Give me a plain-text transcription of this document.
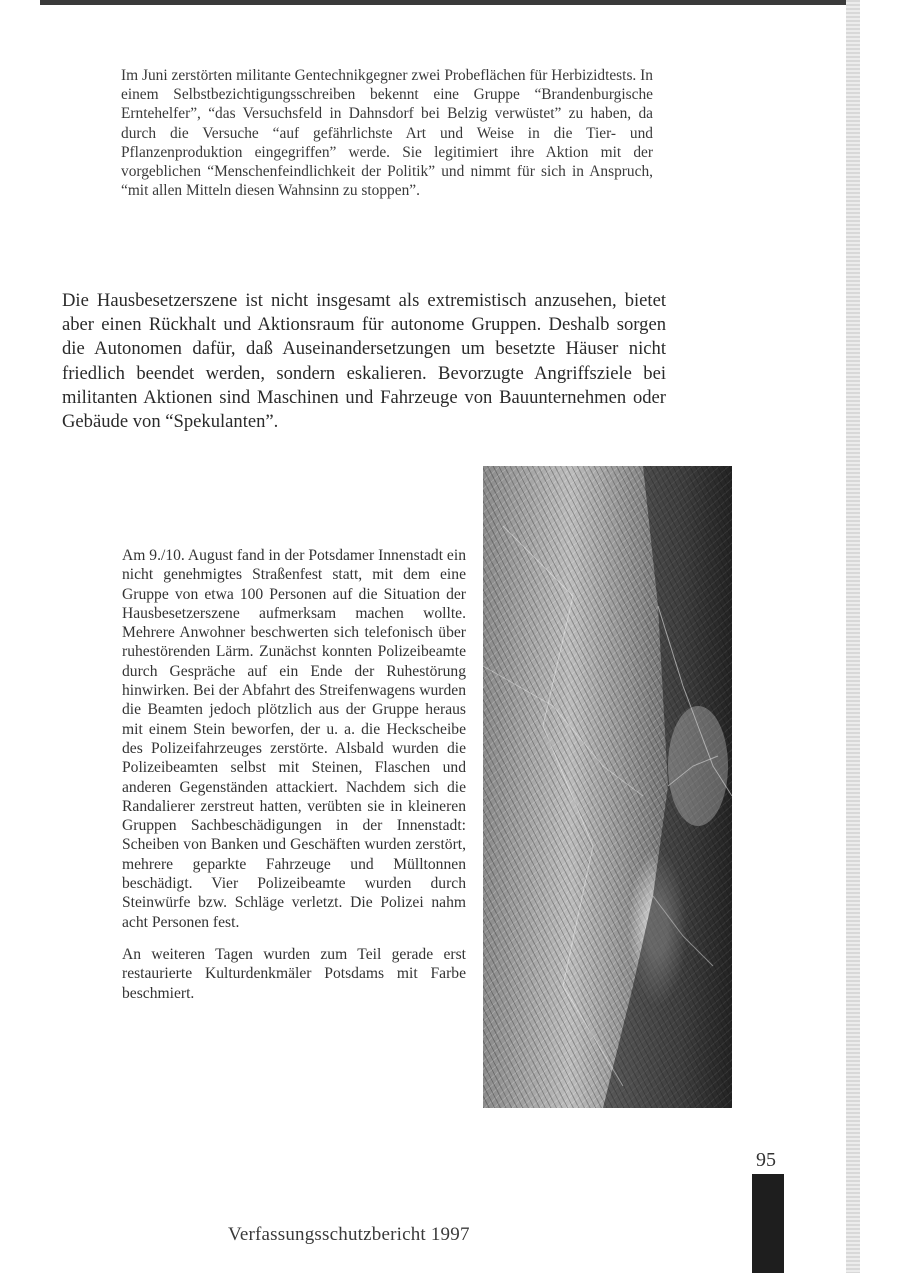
Im Juni zerstörten militante Gentechnikgegner zwei Probeflächen für Herbizidtests. In einem Selbstbezichtigungsschreiben bekennt eine Gruppe “Brandenburgische Erntehelfer”, “das Versuchsfeld in Dahnsdorf bei Belzig verwüstet” zu haben, da durch die Versuche “auf gefährlichste Art und Weise in die Tier- und Pflanzenproduktion eingegriffen” werde. Sie legitimiert ihre Aktion mit der vorgeblichen “Menschenfeindlichkeit der Politik” und nimmt für sich in Anspruch, “mit allen Mitteln diesen Wahnsinn zu stoppen”.

Die Hausbesetzerszene ist nicht insgesamt als extremistisch anzusehen, bietet aber einen Rückhalt und Aktionsraum für autonome Gruppen. Deshalb sorgen die Autonomen dafür, daß Auseinandersetzungen um besetzte Häuser nicht friedlich beendet werden, sondern eskalieren. Bevorzugte Angriffsziele bei militanten Aktionen sind Maschinen und Fahrzeuge von Bauunternehmen oder Gebäude von “Spekulanten”.

Am 9./10. August fand in der Potsdamer Innenstadt ein nicht genehmigtes Straßenfest statt, mit dem eine Gruppe von etwa 100 Personen auf die Situation der Hausbesetzerszene aufmerksam machen wollte. Mehrere Anwohner beschwerten sich telefonisch über ruhestörenden Lärm. Zunächst konnten Polizeibeamte durch Gespräche auf ein Ende der Ruhestörung hinwirken. Bei der Abfahrt des Streifenwagens wurden die Beamten jedoch plötzlich aus der Gruppe heraus mit einem Stein beworfen, der u. a. die Heckscheibe des Polizeifahrzeuges zerstörte. Alsbald wurden die Polizeibeamten selbst mit Steinen, Flaschen und anderen Gegenständen attackiert. Nachdem sich die Randalierer zerstreut hatten, verübten sie in kleineren Gruppen Sachbeschädigungen in der Innenstadt: Scheiben von Banken und Geschäften wurden zerstört, mehrere geparkte Fahrzeuge und Mülltonnen beschädigt. Vier Polizeibeamte wurden durch Steinwürfe bzw. Schläge verletzt. Die Polizei nahm acht Personen fest.

An weiteren Tagen wurden zum Teil gerade erst restaurierte Kulturdenkmäler Potsdams mit Farbe beschmiert.

95
Verfassungsschutzbericht 1997
